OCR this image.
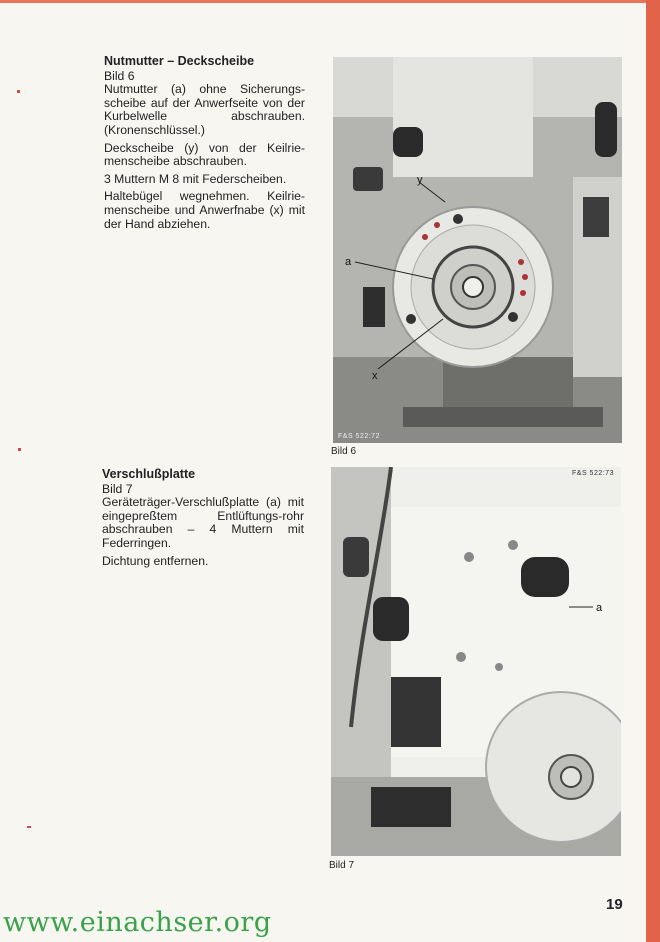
Nutmutter – Deckscheibe
Bild 6

Nutmutter (a) ohne Sicherungs-scheibe auf der Anwerfseite von der Kurbelwelle abschrauben. (Kronenschlüssel.)

Deckscheibe (y) von der Keilrie-menscheibe abschrauben.

3 Muttern M 8 mit Federscheiben.

Haltebügel wegnehmen. Keilrie-menscheibe und Anwerfnabe (x) mit der Hand abziehen.

Verschlußplatte
Bild 7

Geräteträger-Verschlußplatte (a) mit eingepreßtem Entlüftungs-rohr abschrauben – 4 Muttern mit Federringen.

Dichtung entfernen.

a
y
x
F&S 522:72
Bild 6
a
F&S 522:73
Bild 7
19
www.einachser.org
